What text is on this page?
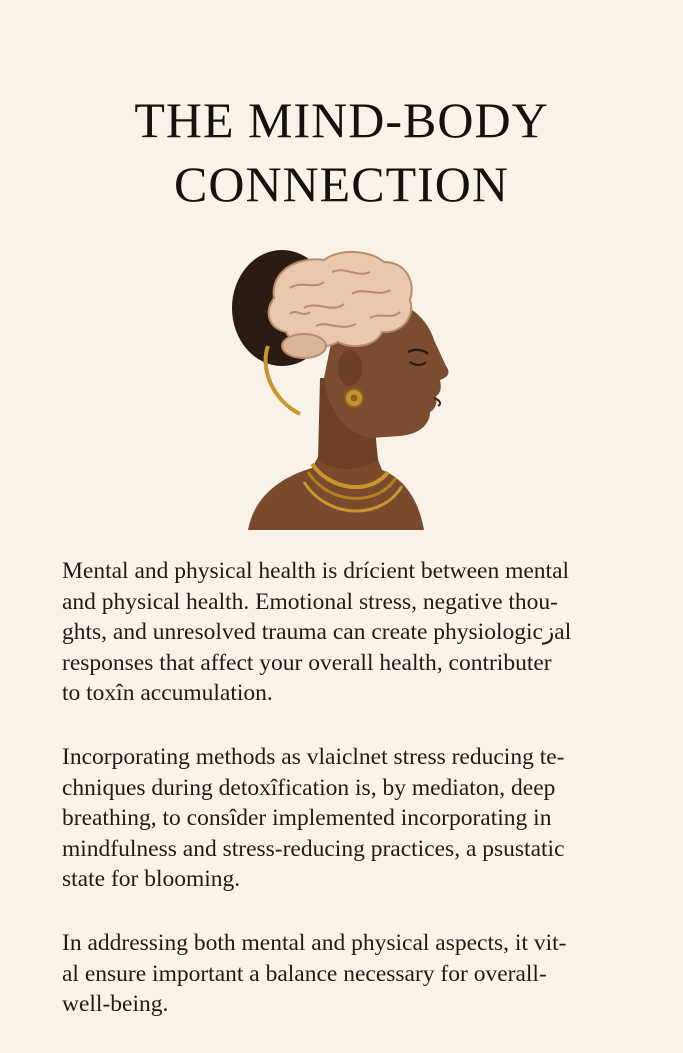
THE MIND-BODY
CONNECTION

Mental and physical health is drícient between mental
and physical health. Emotional stress, negative thou-
ghts, and unresolved trauma can create physiologicزal
responses that affect your overall health, contributer
to toxîn accumulation.

Incorporating methods as vlaiclnet stress reducing te-
chniques during detoxîfication is, by mediaton, deep
breathing, to consîder implemented incorporating in
mindfulness and stress-reducing practices, a psustatic
state for blooming.

In addressing both mental and physical aspects, it vit-
al ensure important a balance necessary for overall-
well-being.
